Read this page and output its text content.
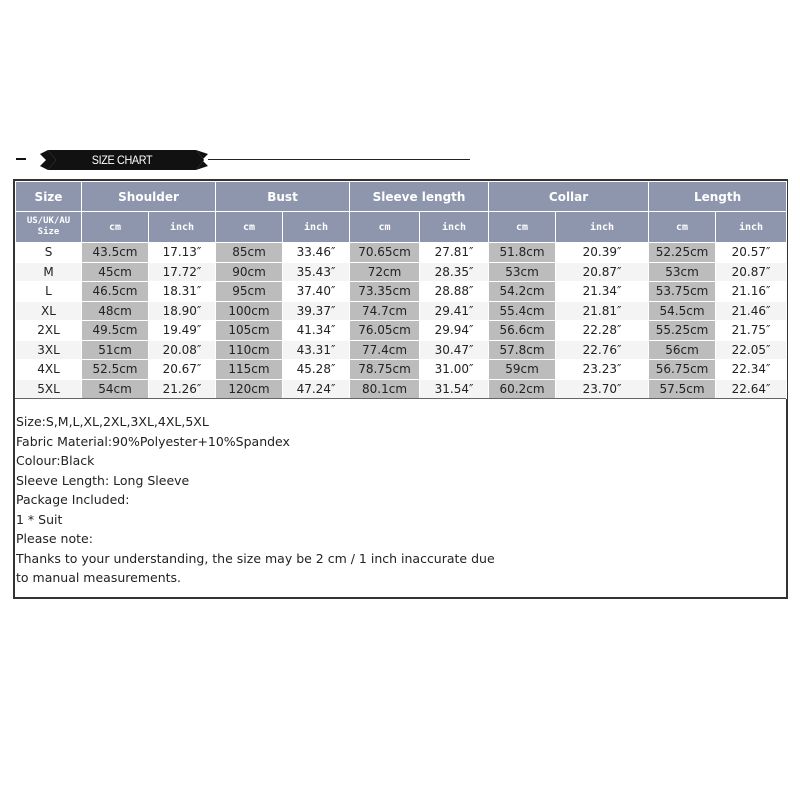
SIZE CHART
Size	Shoulder		Bust		Sleeve length		Collar		Length	
US/UK/AU Size	cm	inch	cm	inch	cm	inch	cm	inch	cm	inch
S	43.5cm	17.13″	85cm	33.46″	70.65cm	27.81″	51.8cm	20.39″	52.25cm	20.57″
M	45cm	17.72″	90cm	35.43″	72cm	28.35″	53cm	20.87″	53cm	20.87″
L	46.5cm	18.31″	95cm	37.40″	73.35cm	28.88″	54.2cm	21.34″	53.75cm	21.16″
XL	48cm	18.90″	100cm	39.37″	74.7cm	29.41″	55.4cm	21.81″	54.5cm	21.46″
2XL	49.5cm	19.49″	105cm	41.34″	76.05cm	29.94″	56.6cm	22.28″	55.25cm	21.75″
3XL	51cm	20.08″	110cm	43.31″	77.4cm	30.47″	57.8cm	22.76″	56cm	22.05″
4XL	52.5cm	20.67″	115cm	45.28″	78.75cm	31.00″	59cm	23.23″	56.75cm	22.34″
5XL	54cm	21.26″	120cm	47.24″	80.1cm	31.54″	60.2cm	23.70″	57.5cm	22.64″
Size:S,M,L,XL,2XL,3XL,4XL,5XL
Fabric Material:90%Polyester+10%Spandex
Colour:Black
Sleeve Length: Long Sleeve
Package Included:
1 * Suit
Please note:
Thanks to your understanding, the size may be 2 cm / 1 inch inaccurate due
to manual measurements.
